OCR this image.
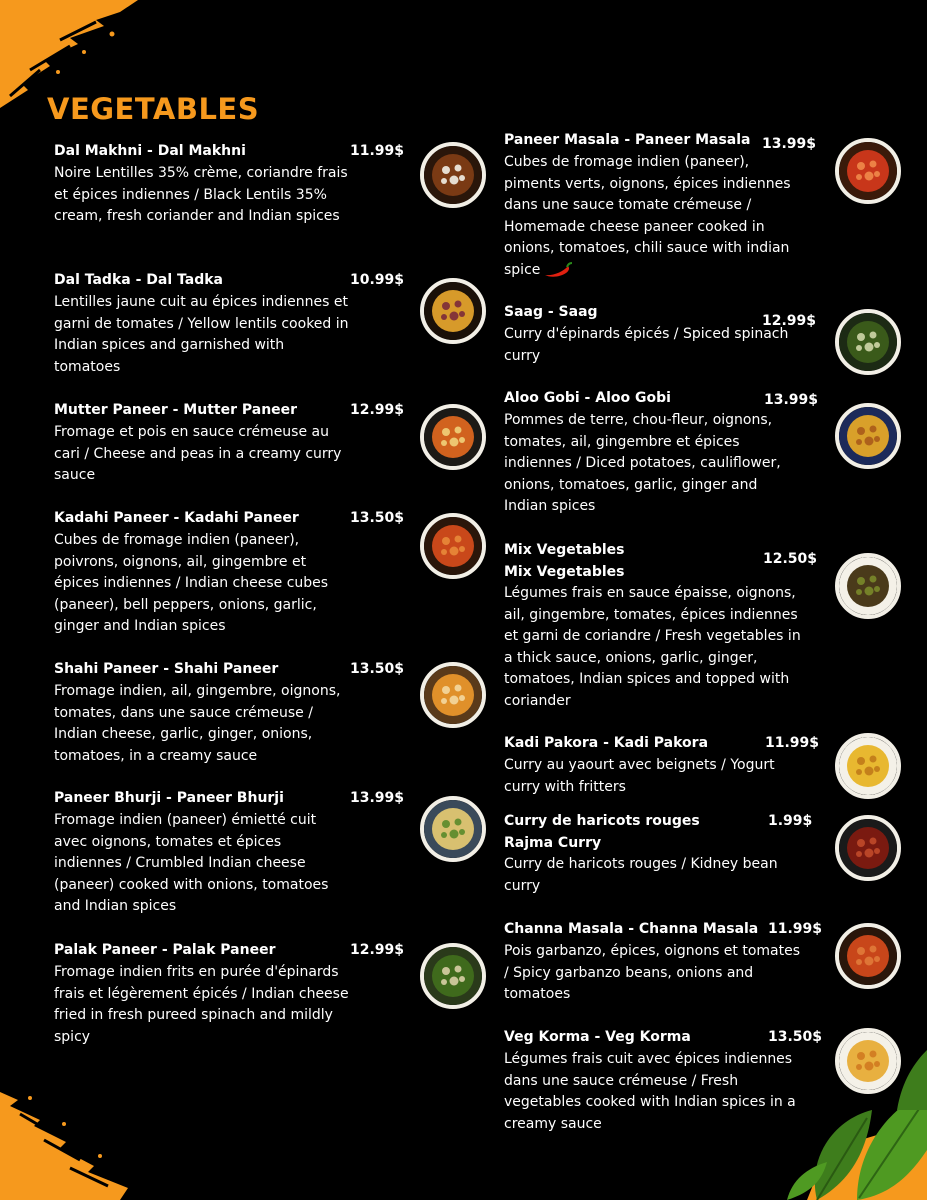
VEGETABLES
Dal Makhni - Dal Makhni	11.99$
Noire Lentilles 35% crème, coriandre frais et épices indiennes / Black Lentils 35% cream, fresh coriander and Indian spices
Dal Tadka - Dal Tadka	10.99$
Lentilles jaune cuit au épices indiennes et garni de tomates / Yellow lentils cooked in Indian spices and garnished with tomatoes
Mutter Paneer - Mutter Paneer	12.99$
Fromage et pois en sauce crémeuse au cari / Cheese and peas in a creamy curry sauce
Kadahi Paneer - Kadahi Paneer	13.50$
Cubes de fromage indien (paneer), poivrons, oignons, ail, gingembre et épices indiennes / Indian cheese cubes (paneer), bell peppers, onions, garlic, ginger and Indian spices
Shahi Paneer - Shahi Paneer	13.50$
Fromage indien, ail, gingembre, oignons, tomates, dans une sauce crémeuse / Indian cheese, garlic, ginger, onions, tomatoes, in a creamy sauce
Paneer Bhurji - Paneer Bhurji	13.99$
Fromage indien (paneer) émietté cuit avec oignons, tomates et épices indiennes / Crumbled Indian cheese (paneer) cooked with onions, tomatoes and Indian spices
Palak Paneer - Palak Paneer	12.99$
Fromage indien frits en purée d'épinards frais et légèrement épicés / Indian cheese fried in fresh pureed spinach and mildly spicy
Paneer Masala - Paneer Masala 13.99$
Cubes de fromage indien (paneer), piments verts, oignons, épices indiennes dans une sauce tomate crémeuse / Homemade cheese paneer cooked in onions, tomatoes, chili sauce with indian spice
Saag - Saag
12.99$
Curry d'épinards épicés / Spiced spinach curry
Aloo Gobi - Aloo Gobi	13.99$
Pommes de terre, chou-fleur, oignons, tomates, ail, gingembre et épices indiennes / Diced potatoes, cauliflower, onions, tomatoes, garlic, ginger and Indian spices
Mix Vegetables
Mix Vegetables
12.50$
Légumes frais en sauce épaisse, oignons, ail, gingembre, tomates, épices indiennes et garni de coriandre / Fresh vegetables in a thick sauce, onions, garlic, ginger, tomatoes, Indian spices and topped with coriander
Kadi Pakora - Kadi Pakora	11.99$
Curry au yaourt avec beignets / Yogurt curry with fritters
Curry de haricots rouges
Rajma Curry
1.99$
Curry de haricots rouges / Kidney bean curry
Channa Masala - Channa Masala 11.99$
Pois garbanzo, épices, oignons et tomates / Spicy garbanzo beans, onions and tomatoes
Veg Korma - Veg Korma	13.50$
Légumes frais cuit avec épices indiennes dans une sauce crémeuse / Fresh vegetables cooked with Indian spices in a creamy sauce
